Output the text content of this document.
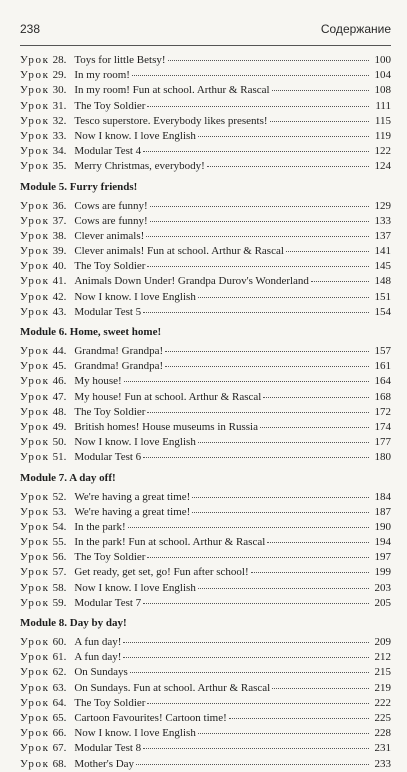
238	Содержание
Урок 28. Toys for little Betsy!	100
Урок 29. In my room!	104
Урок 30. In my room! Fun at school. Arthur & Rascal	108
Урок 31. The Toy Soldier	111
Урок 32. Tesco superstore. Everybody likes presents!	115
Урок 33. Now I know. I love English	119
Урок 34. Modular Test 4	122
Урок 35. Merry Christmas, everybody!	124
Module 5. Furry friends!
Урок 36. Cows are funny!	129
Урок 37. Cows are funny!	133
Урок 38. Clever animals!	137
Урок 39. Clever animals! Fun at school. Arthur & Rascal	141
Урок 40. The Toy Soldier	145
Урок 41. Animals Down Under! Grandpa Durov's Wonderland	148
Урок 42. Now I know. I love English	151
Урок 43. Modular Test 5	154
Module 6. Home, sweet home!
Урок 44. Grandma! Grandpa!	157
Урок 45. Grandma! Grandpa!	161
Урок 46. My house!	164
Урок 47. My house! Fun at school. Arthur & Rascal	168
Урок 48. The Toy Soldier	172
Урок 49. British homes! House museums in Russia	174
Урок 50. Now I know. I love English	177
Урок 51. Modular Test 6	180
Module 7. A day off!
Урок 52. We're having a great time!	184
Урок 53. We're having a great time!	187
Урок 54. In the park!	190
Урок 55. In the park! Fun at school. Arthur & Rascal	194
Урок 56. The Toy Soldier	197
Урок 57. Get ready, get set, go! Fun after school!	199
Урок 58. Now I know. I love English	203
Урок 59. Modular Test 7	205
Module 8. Day by day!
Урок 60. A fun day!	209
Урок 61. A fun day!	212
Урок 62. On Sundays	215
Урок 63. On Sundays. Fun at school. Arthur & Rascal	219
Урок 64. The Toy Soldier	222
Урок 65. Cartoon Favourites! Cartoon time!	225
Урок 66. Now I know. I love English	228
Урок 67. Modular Test 8	231
Урок 68. Mother's Day	233
